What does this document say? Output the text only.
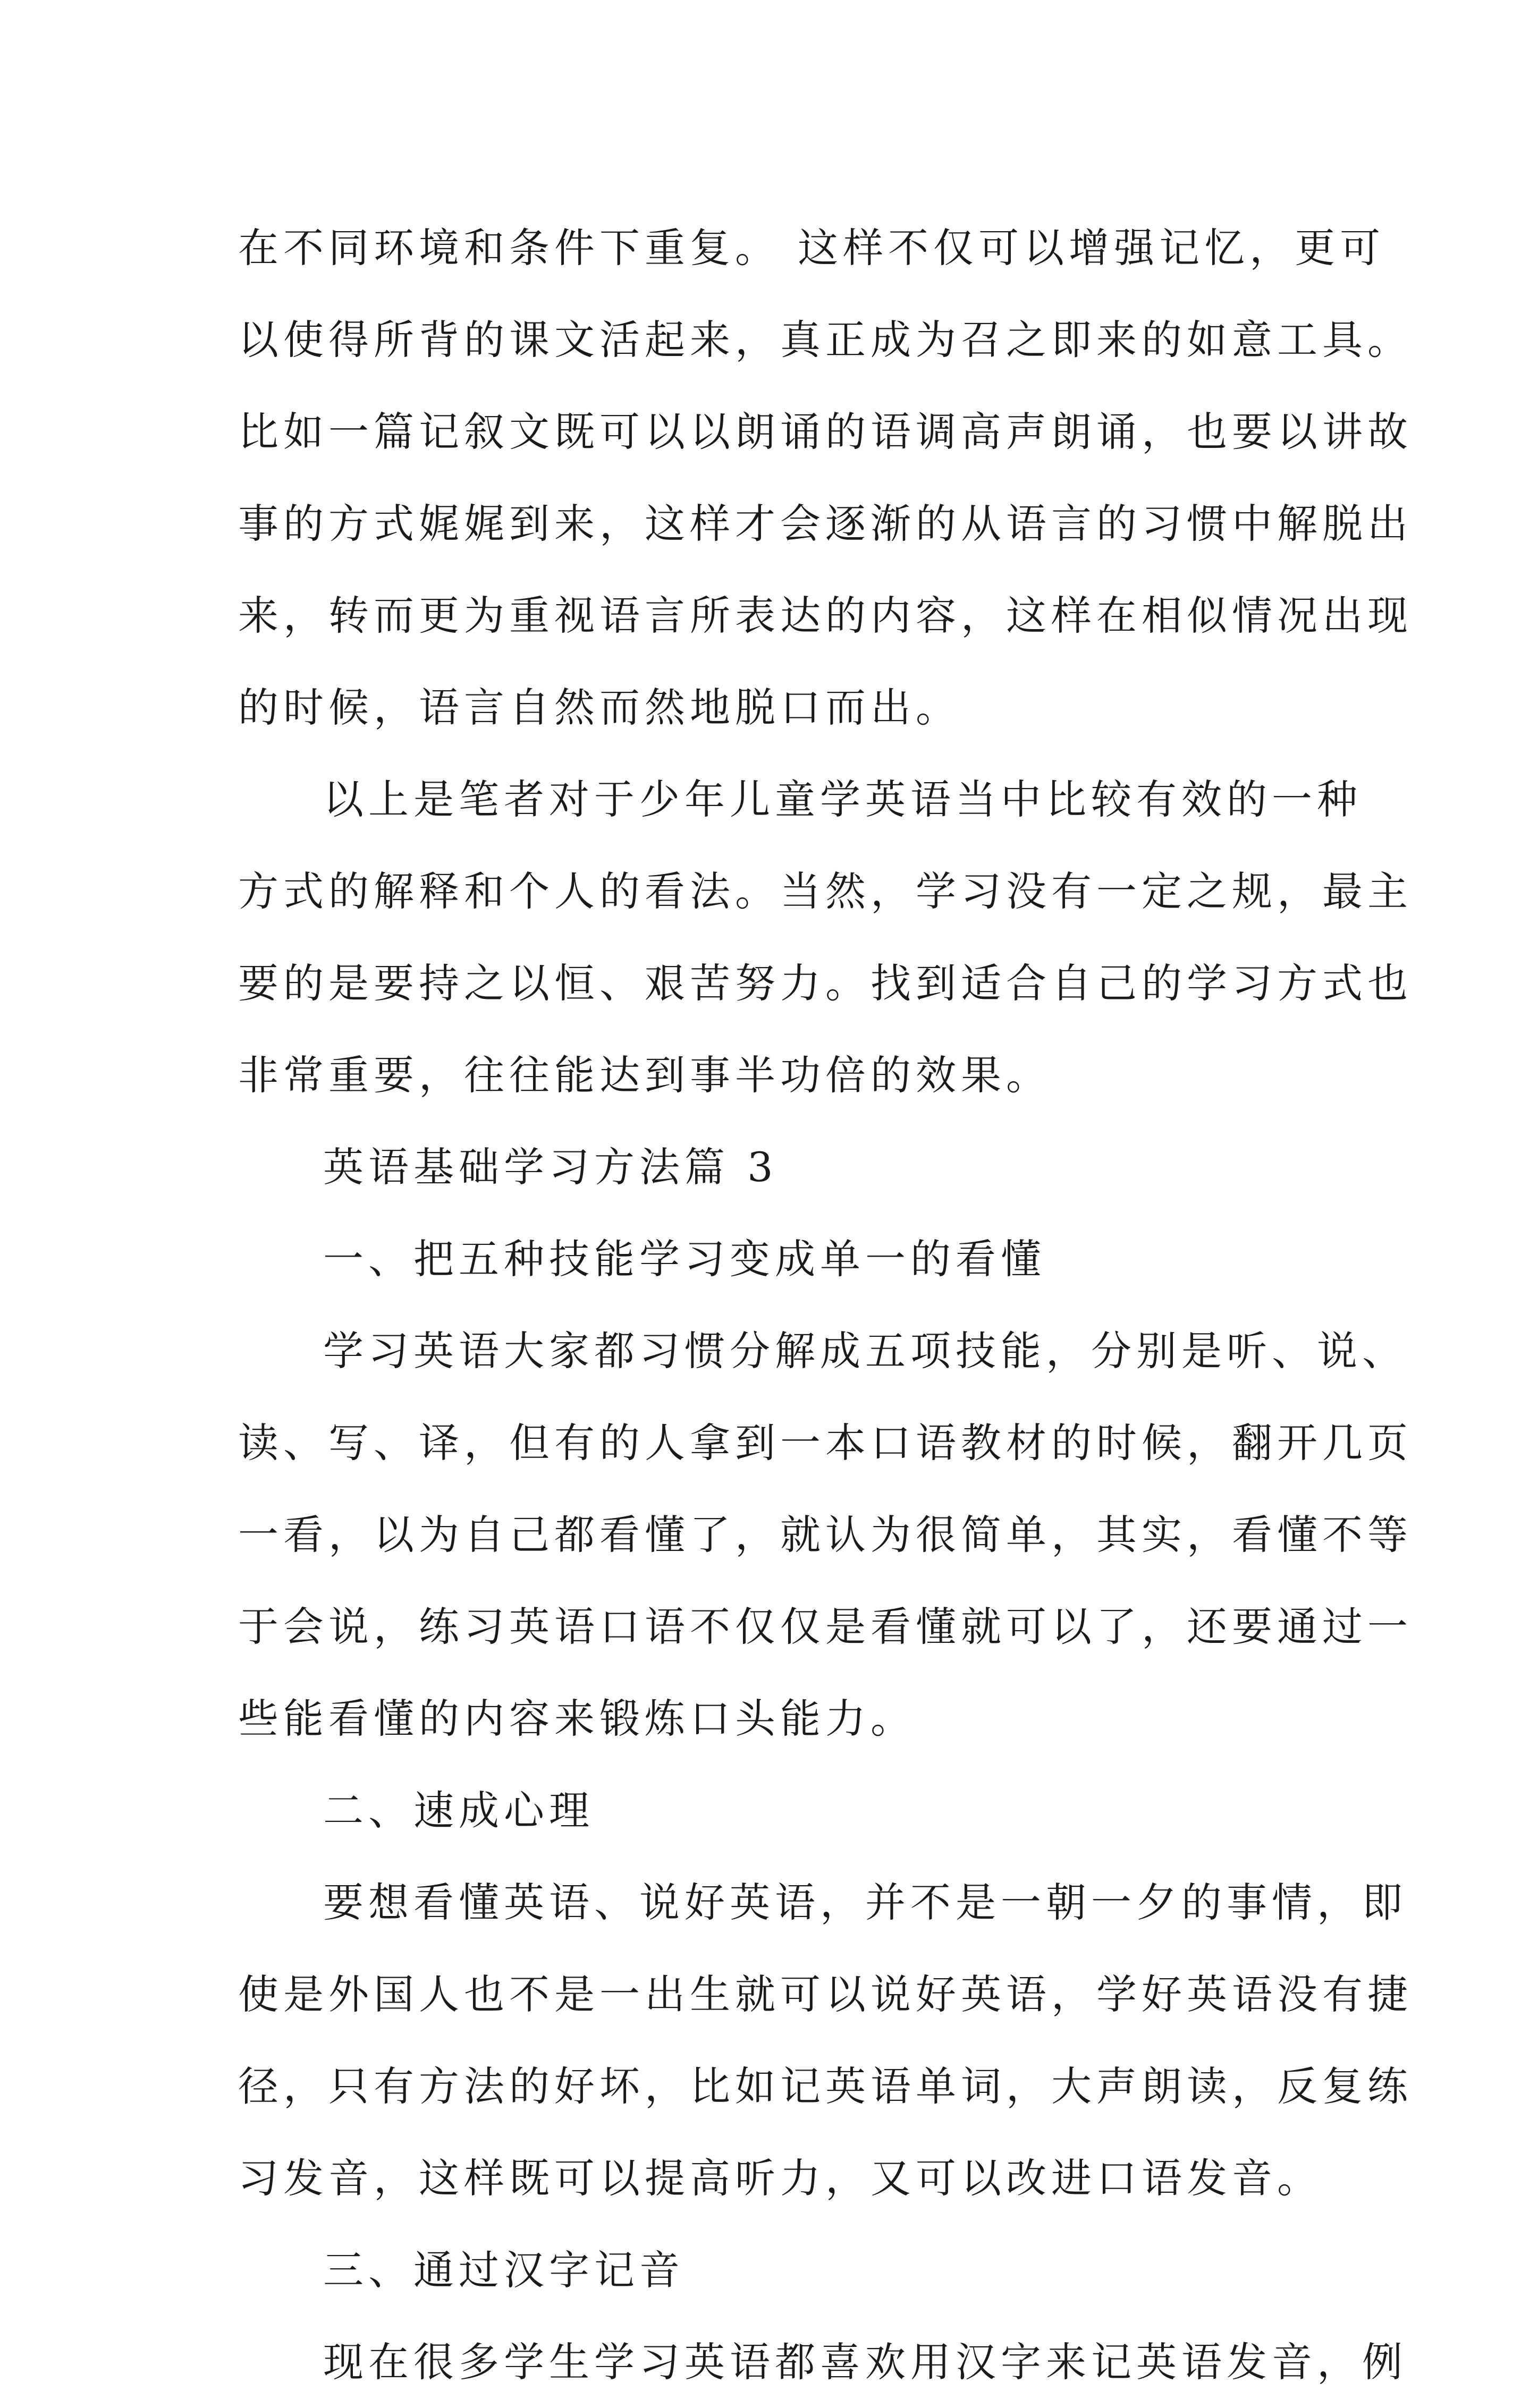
在不同环境和条件下重复。 这样不仅可以增强记忆，更可
以使得所背的课文活起来，真正成为召之即来的如意工具。
比如一篇记叙文既可以以朗诵的语调高声朗诵，也要以讲故
事的方式娓娓到来，这样才会逐渐的从语言的习惯中解脱出
来，转而更为重视语言所表达的内容，这样在相似情况出现
的时候，语言自然而然地脱口而出。
以上是笔者对于少年儿童学英语当中比较有效的一种
方式的解释和个人的看法。当然，学习没有一定之规，最主
要的是要持之以恒、艰苦努力。找到适合自己的学习方式也
非常重要，往往能达到事半功倍的效果。
英语基础学习方法篇 3
一、把五种技能学习变成单一的看懂
学习英语大家都习惯分解成五项技能，分别是听、说、
读、写、译，但有的人拿到一本口语教材的时候，翻开几页
一看，以为自己都看懂了，就认为很简单，其实，看懂不等
于会说，练习英语口语不仅仅是看懂就可以了，还要通过一
些能看懂的内容来锻炼口头能力。
二、速成心理
要想看懂英语、说好英语，并不是一朝一夕的事情，即
使是外国人也不是一出生就可以说好英语，学好英语没有捷
径，只有方法的好坏，比如记英语单词，大声朗读，反复练
习发音，这样既可以提高听力，又可以改进口语发音。
三、通过汉字记音
现在很多学生学习英语都喜欢用汉字来记英语发音，例
